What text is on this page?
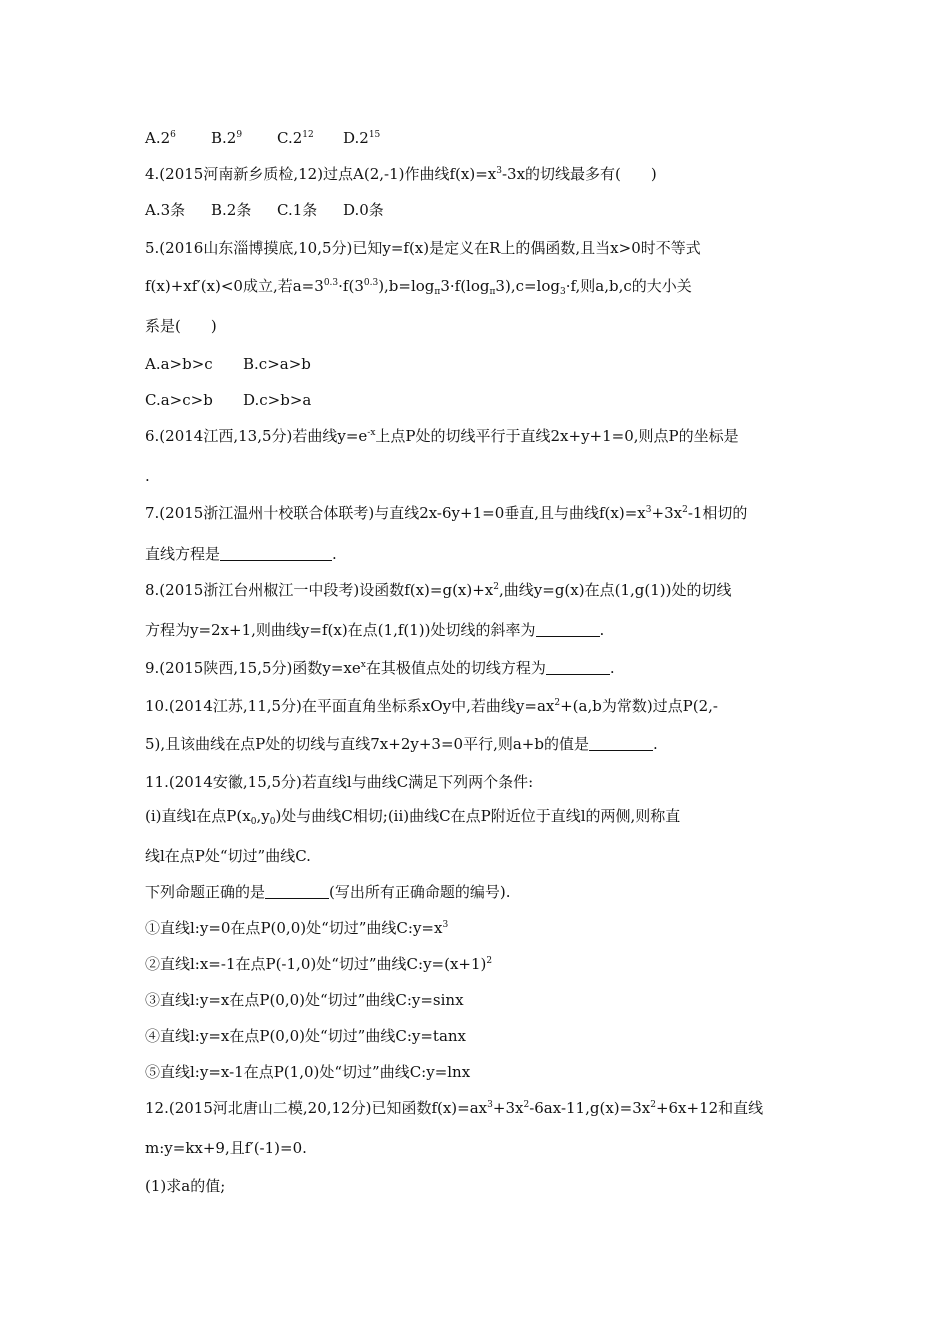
$A.2^6$ $B.2^9$ $C.2^{12}$ $D.2^{15}$
4.(2015河南新乡质检,12)过点A(2,-1)作曲线$f(x)=x^3-3x$的切线最多有(　　)
A.3条 B.2条 C.1条 D.0条
5.(2016山东淄博摸底,10,5分)已知y=f(x)是定义在R上的偶函数,且当x>0时不等式
f(x)+xf′(x)<0成立,若$a=3^{0.3}\cdot f(3^{0.3}),b=\log_\pi 3\cdot f(\log_\pi 3),c=\log_3\cdot f$,则a,b,c的大小关
系是(　　)
A.a>b>c B.c>a>b
C.a>c>b D.c>b>a
6.(2014江西,13,5分)若曲线$y=e^{-x}$上点P处的切线平行于直线2x+y+1=0,则点P的坐标是
.
7.(2015浙江温州十校联合体联考)与直线2x-6y+1=0垂直,且与曲线$f(x)=x^3+3x^2-1$相切的
直线方程是	.
8.(2015浙江台州椒江一中段考)设函数$f(x)=g(x)+x^2$,曲线y=g(x)在点(1,g(1))处的切线
方程为y=2x+1,则曲线y=f(x)在点(1,f(1))处切线的斜率为	.
9.(2015陕西,15,5分)函数$y=xe^x$在其极值点处的切线方程为	.
10.(2014江苏,11,5分)在平面直角坐标系xOy中,若曲线$y=ax^2+(a,b$为常数)过点P(2,-
5),且该曲线在点P处的切线与直线7x+2y+3=0平行,则a+b的值是	.
11.(2014安徽,15,5分)若直线l与曲线C满足下列两个条件:
(i)直线l在点$P(x_0,y_0)$处与曲线C相切;(ii)曲线C在点P附近位于直线l的两侧,则称直
线l在点P处“切过”曲线C.
下列命题正确的是	(写出所有正确命题的编号).
①直线l:y=0在点P(0,0)处“切过”曲线$C:y=x^3$
②直线l:x=-1在点P(-1,0)处“切过”曲线$C:y=(x+1)^2$
③直线l:y=x在点P(0,0)处“切过”曲线C:y=sinx
④直线l:y=x在点P(0,0)处“切过”曲线C:y=tanx
⑤直线l:y=x-1在点P(1,0)处“切过”曲线C:y=lnx
12.(2015河北唐山二模,20,12分)已知函数$f(x)=ax^3+3x^2-6ax-11,g(x)=3x^2+6x+12$和直线
m:y=kx+9,且f′(-1)=0.
(1)求a的值;
